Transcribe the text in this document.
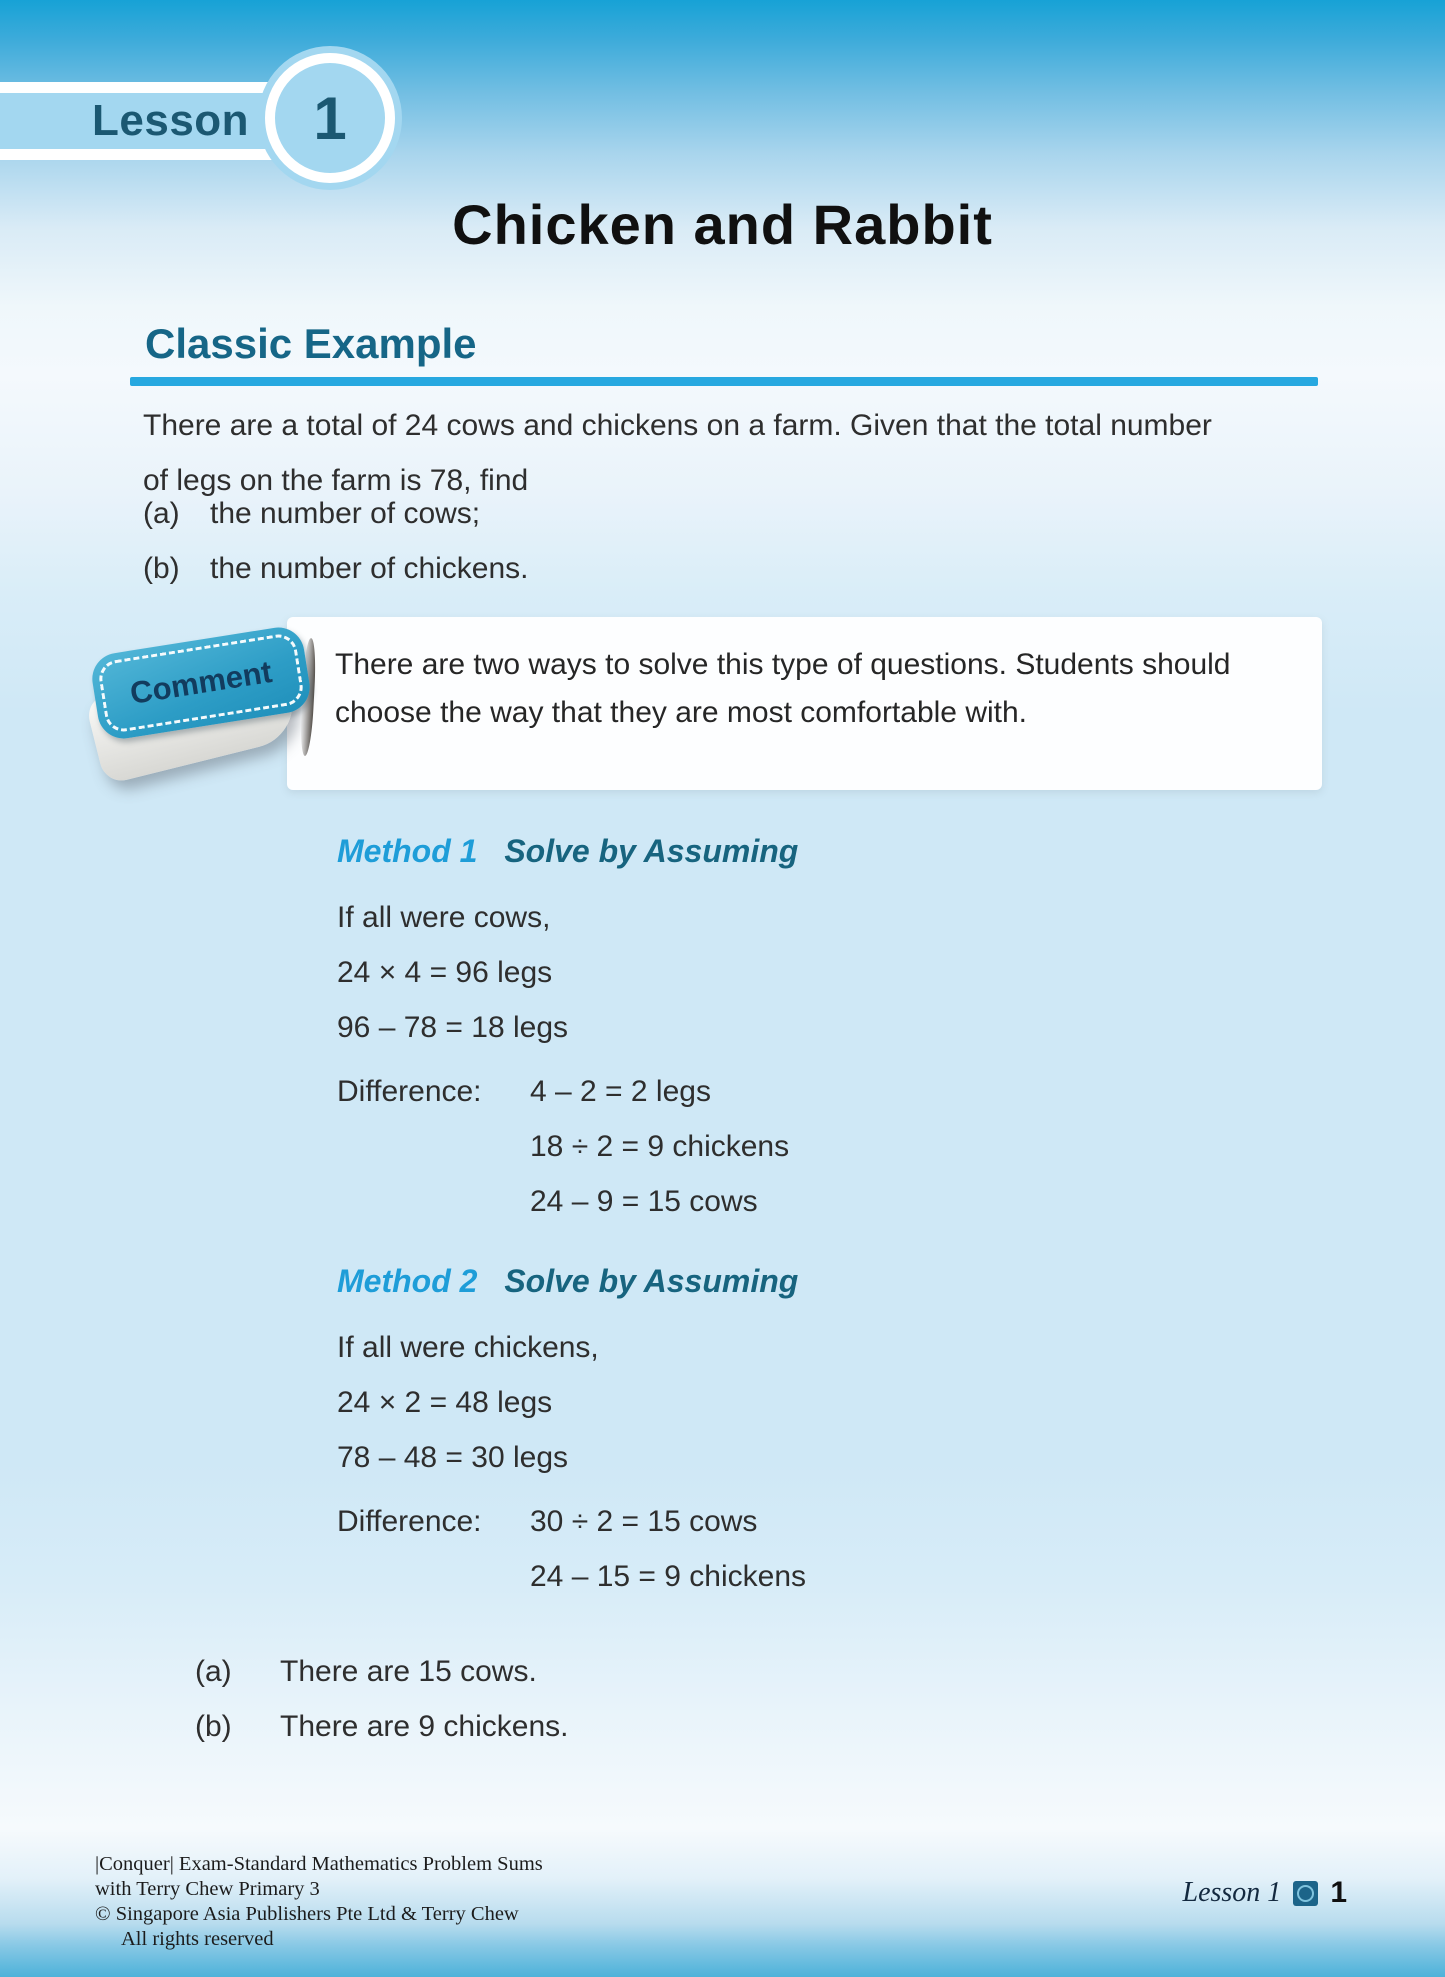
Lesson 1
Chicken and Rabbit
Classic Example
There are a total of 24 cows and chickens on a farm. Given that the total number
of legs on the farm is 78, find
(a)	the number of cows;
(b)	the number of chickens.
There are two ways to solve this type of questions. Students should
choose the way that they are most comfortable with.
Comment
Method 1 Solve by Assuming

If all were cows,

24 × 4 = 96 legs

96 – 78 = 18 legs

Difference:	4 – 2 = 2 legs

18 ÷ 2 = 9 chickens

24 – 9 = 15 cows

Method 2 Solve by Assuming

If all were chickens,

24 × 2 = 48 legs

78 – 48 = 30 legs

Difference:	30 ÷ 2 = 15 cows

24 – 15 = 9 chickens

(a)	There are 15 cows.
(b)	There are 9 chickens.
|Conquer| Exam-Standard Mathematics Problem Sums
with Terry Chew Primary 3
© Singapore Asia Publishers Pte Ltd & Terry Chew
All rights reserved
Lesson 1 1
